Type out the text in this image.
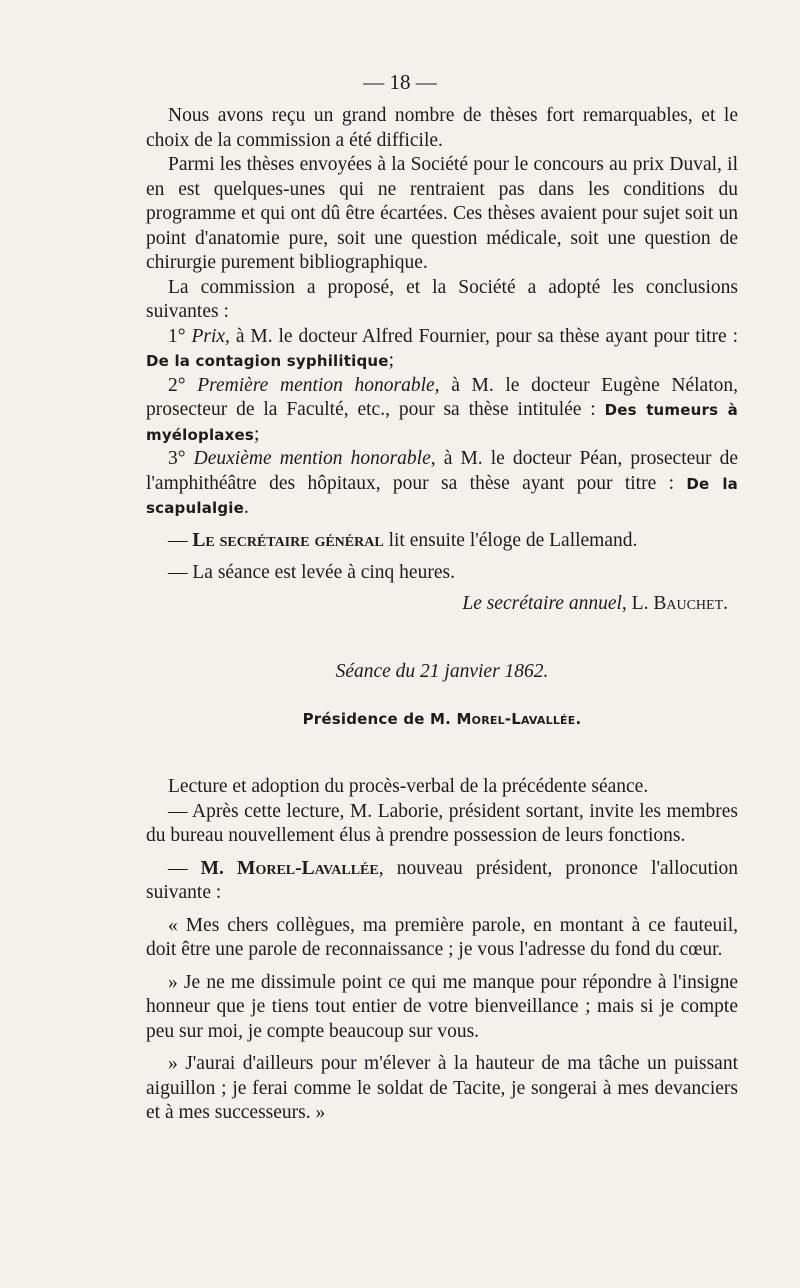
— 18 —

Nous avons reçu un grand nombre de thèses fort remarquables, et le choix de la commission a été difficile.

Parmi les thèses envoyées à la Société pour le concours au prix Duval, il en est quelques-unes qui ne rentraient pas dans les conditions du programme et qui ont dû être écartées. Ces thèses avaient pour sujet soit un point d'anatomie pure, soit une question médicale, soit une question de chirurgie purement bibliographique.

La commission a proposé, et la Société a adopté les conclusions suivantes :

1° Prix, à M. le docteur Alfred Fournier, pour sa thèse ayant pour titre : De la contagion syphilitique;

2° Première mention honorable, à M. le docteur Eugène Nélaton, prosecteur de la Faculté, etc., pour sa thèse intitulée : Des tumeurs à myéloplaxes;

3° Deuxième mention honorable, à M. le docteur Péan, prosecteur de l'amphithéâtre des hôpitaux, pour sa thèse ayant pour titre : De la scapulalgie.

— Le secrétaire général lit ensuite l'éloge de Lallemand.

— La séance est levée à cinq heures.

Le secrétaire annuel, L. Bauchet.

Séance du 21 janvier 1862.

Présidence de M. Morel-Lavallée.

Lecture et adoption du procès-verbal de la précédente séance.

— Après cette lecture, M. Laborie, président sortant, invite les membres du bureau nouvellement élus à prendre possession de leurs fonctions.

— M. Morel-Lavallée, nouveau président, prononce l'allocution suivante :

« Mes chers collègues, ma première parole, en montant à ce fauteuil, doit être une parole de reconnaissance ; je vous l'adresse du fond du cœur.

» Je ne me dissimule point ce qui me manque pour répondre à l'insigne honneur que je tiens tout entier de votre bienveillance ; mais si je compte peu sur moi, je compte beaucoup sur vous.

» J'aurai d'ailleurs pour m'élever à la hauteur de ma tâche un puissant aiguillon ; je ferai comme le soldat de Tacite, je songerai à mes devanciers et à mes successeurs. »
